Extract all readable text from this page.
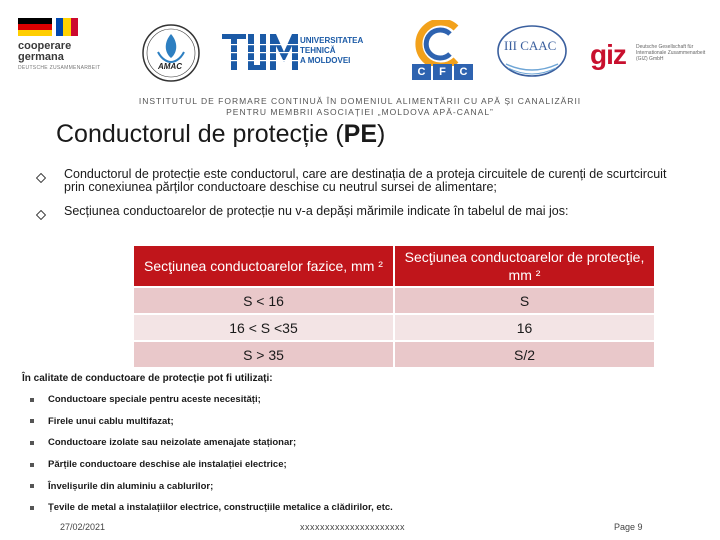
cooperare
germana
DEUTSCHE ZUSAMMENARBEIT	AMAC
UNIVERSITATEA TEHNICĂ
A MOLDOVEI
C	F	C
III CAAC giz Deutsche Gesellschaft für Internationale Zusammenarbeit (GIZ) GmbH
INSTITUTUL DE FORMARE CONTINUĂ ÎN DOMENIUL ALIMENTĂRII CU APĂ ȘI CANALIZĂRII
PENTRU MEMBRII ASOCIAȚIEI „MOLDOVA APĂ-CANAL”
Conductorul de protecție (PE)
Conductorul de protecție este conductorul, care are destinația de a proteja circuitele de curenți de scurtcircuit prin conexiunea părților conductoare deschise cu neutrul sursei de alimentare;
Secțiunea conductoarelor de protecție nu v-a depăși mărimile indicate în tabelul de mai jos:
Secţiunea conductoarelor fazice, mm ²	Secţiunea conductoarelor de protecţie, mm ²
S < 16	S
16 < S <35	16
S > 35	S/2
În calitate de conductoare de protecție pot fi utilizați:
Conductoare speciale pentru aceste necesități;
Firele unui cablu multifazat;
Conductoare izolate sau neizolate amenajate staționar;
Părțile conductoare deschise ale instalației electrice;
Învelișurile din aluminiu a cablurilor;
Țevile de metal a instalațiilor electrice, construcțiile metalice a clădirilor, etc.
27/02/2021	xxxxxxxxxxxxxxxxxxxxx	Page 9
